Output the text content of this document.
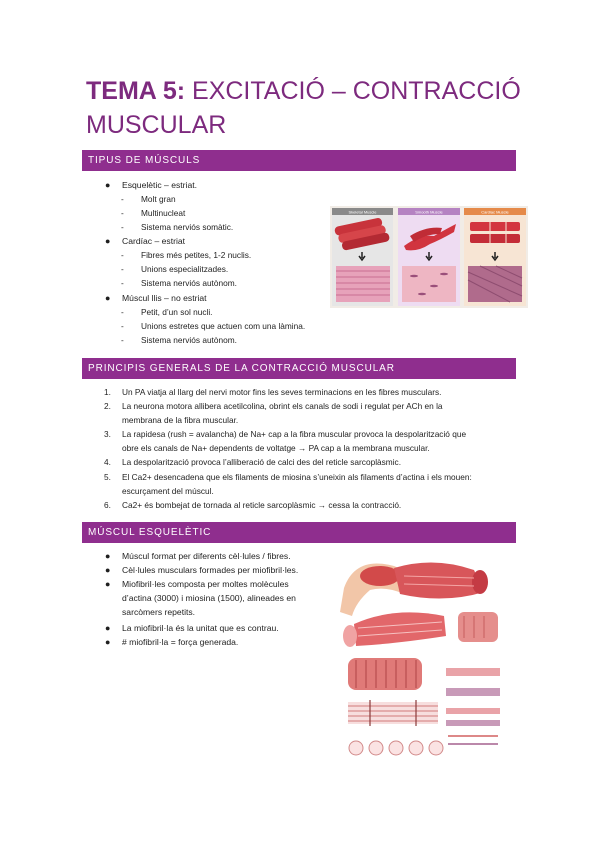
TEMA 5: EXCITACIÓ – CONTRACCIÓ MUSCULAR
TIPUS DE MÚSCULS
● Esquelètic – estriat.
- Molt gran
- Multinucleat
- Sistema nerviós somàtic.
● Cardíac – estriat
- Fibres més petites, 1-2 nuclis.
- Unions especialitzades.
- Sistema nerviós autònom.
● Múscul llis – no estriat
- Petit, d’un sol nucli.
- Unions estretes que actuen com una làmina.
- Sistema nerviós autònom.
Skeletal Muscle	Smooth Muscle	Cardiac Muscle
PRINCIPIS GENERALS DE LA CONTRACCIÓ MUSCULAR
1. Un PA viatja al llarg del nervi motor fins les seves terminacions en les fibres musculars.
2. La neurona motora allibera acetilcolina, obrint els canals de sodi i regulat per ACh en la
membrana de la fibra muscular.
3. La rapidesa (rush = avalancha) de Na+ cap a la fibra muscular provoca la despolarització que
obre els canals de Na+ dependents de voltatge → PA cap a la membrana muscular.
4. La despolarització provoca l’alliberació de calci des del reticle sarcoplàsmic.
5. El Ca2+ desencadena que els filaments de miosina s’uneixin als filaments d’actina i els mouen:
escurçament del múscul.
6. Ca2+ és bombejat de tornada al reticle sarcoplàsmic → cessa la contracció.
MÚSCUL ESQUELÈTIC
● Múscul format per diferents cèl·lules / fibres.
● Cèl·lules musculars formades per miofibril·les.
● Miofibril·les composta per moltes molècules
d’actina (3000) i miosina (1500), alineades en
sarcòmers repetits.
● La miofibril·la és la unitat que es contrau.
● # miofibril·la = força generada.
